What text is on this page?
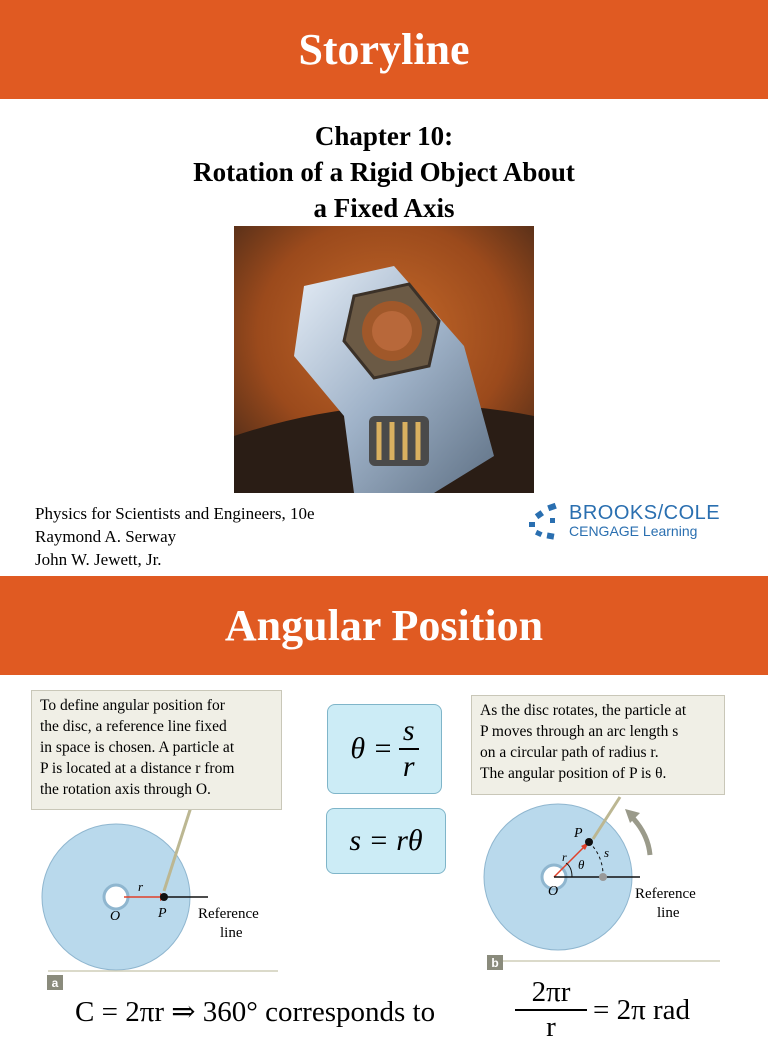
Storyline
Chapter 10:
Rotation of a Rigid Object About
a Fixed Axis
Physics for Scientists and Engineers, 10e
Raymond A. Serway
John W. Jewett, Jr.
BROOKS/COLE
CENGAGE Learning
Angular Position
O
r
P Reference
line
a
To define angular position for
the disc, a reference line fixed
in space is chosen. A particle at
P is located at a distance r from
the rotation axis through O.
$\theta = \frac{s}{r}$
s = rθ
O
r
P
s
θ
Reference
line
b
As the disc rotates, the particle at
P moves through an arc length s
on a circular path of radius r.
The angular position of P is θ.
C = 2πr ⇒ 360° corresponds to
2πr
r
= 2π rad
